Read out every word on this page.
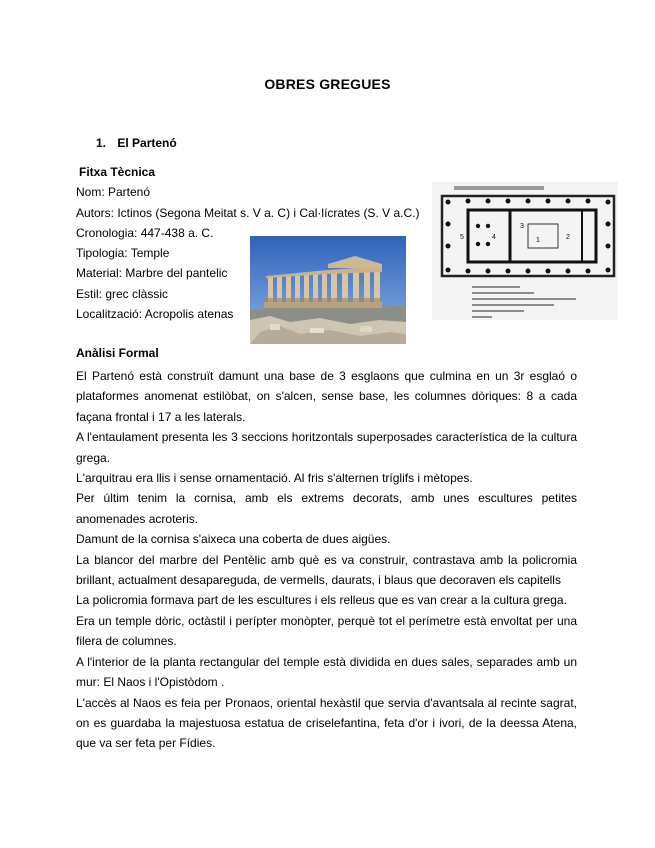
OBRES GREGUES
1. El Partenó
Fitxa Tècnica
Nom: Partenó
Autors: Ictinos (Segona Meitat s. V a. C) i Cal·lícrates (S. V a.C.)
Cronologia: 447-438 a. C.
Tipologia: Temple
Material: Marbre del pantelic
Estil: grec clàssic
Localització: Acropolis atenas
5	4
3
1	2
Anàlisi Formal

El Partenó està construït damunt una base de 3 esglaons que culmina en un 3r esglaó o plataformes anomenat estilòbat, on s'alcen, sense base, les columnes dòriques: 8 a cada façana frontal i 17 a les laterals.

A l'entaulament presenta les 3 seccions horitzontals superposades característica de la cultura grega.

L'arquitrau era llis i sense ornamentació. Al fris s'alternen tríglifs i mètopes.

Per últim tenim la cornisa, amb els extrems decorats, amb unes escultures petites anomenades acroteris.

Damunt de la cornisa s'aixeca una coberta de dues aigües.

La blancor del marbre del Pentèlic amb què es va construir, contrastava amb la policromia brillant, actualment desapareguda, de vermells, daurats, i blaus que decoraven els capitells

La policromia formava part de les escultures i els relleus que es van crear a la cultura grega.

Era un temple dòric, octàstil i perípter monòpter, perquè tot el perímetre està envoltat per una filera de columnes.

A l'interior de la planta rectangular del temple està dividida en dues sales, separades amb un mur: El Naos i l'Opistòdom .

L'accès al Naos es feia per Pronaos, oriental hexàstil que servia d'avantsala al recinte sagrat, on es guardaba la majestuosa estatua de criselefantina, feta d'or i ivori, de la deessa Atena, que va ser feta per Fídies.
